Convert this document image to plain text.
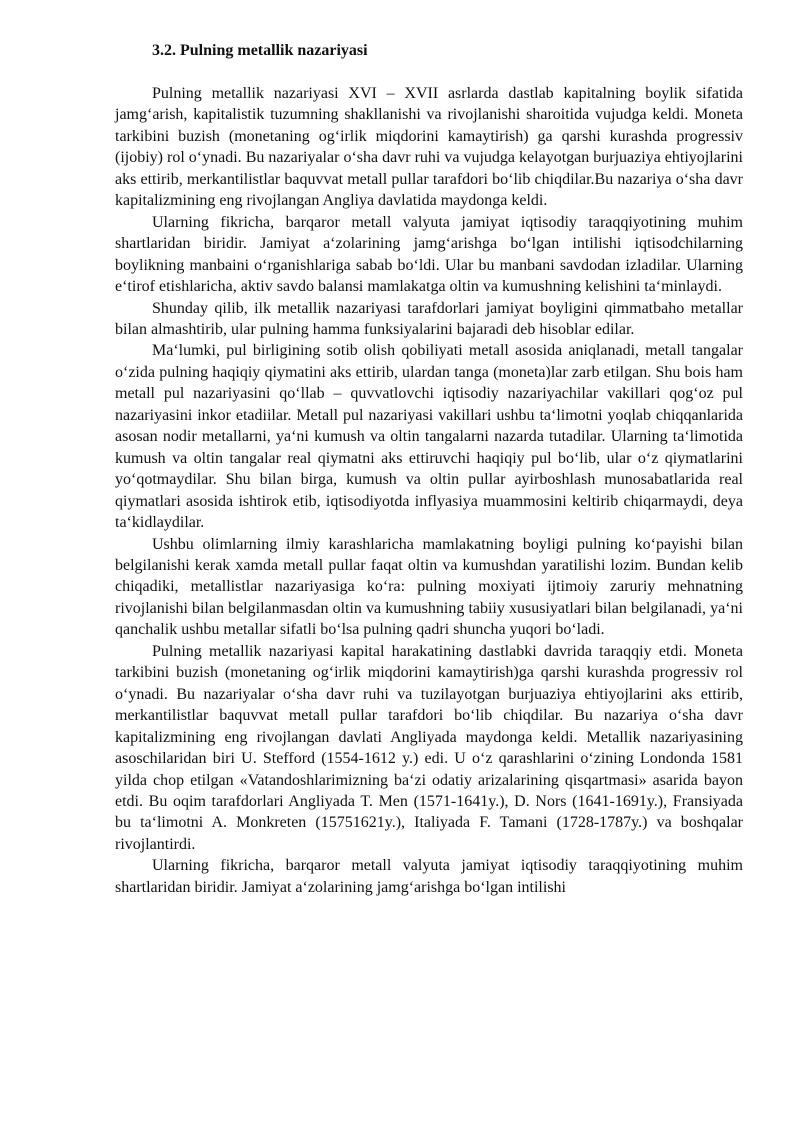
3.2. Pulning metallik nazariyasi

Pulning metallik nazariyasi XVI – XVII asrlarda dastlab kapitalning boylik sifatida jamg‘arish, kapitalistik tuzumning shakllanishi va rivojlanishi sharoitida vujudga keldi. Moneta tarkibini buzish (monetaning og‘irlik miqdorini kamaytirish) ga qarshi kurashda progressiv (ijobiy) rol o‘ynadi. Bu nazariyalar o‘sha davr ruhi va vujudga kelayotgan burjuaziya ehtiyojlarini aks ettirib, merkantilistlar baquvvat metall pullar tarafdori bo‘lib chiqdilar.Bu nazariya o‘sha davr kapitalizmining eng rivojlangan Angliya davlatida maydonga keldi.

Ularning fikricha, barqaror metall valyuta jamiyat iqtisodiy taraqqiyotining muhim shartlaridan biridir. Jamiyat a‘zolarining jamg‘arishga bo‘lgan intilishi iqtisodchilarning boylikning manbaini o‘rganishlariga sabab bo‘ldi. Ular bu manbani savdodan izladilar. Ularning e‘tirof etishlaricha, aktiv savdo balansi mamlakatga oltin va kumushning kelishini ta‘minlaydi.

Shunday qilib, ilk metallik nazariyasi tarafdorlari jamiyat boyligini qimmatbaho metallar bilan almashtirib, ular pulning hamma funksiyalarini bajaradi deb hisoblar edilar.

Ma‘lumki, pul birligining sotib olish qobiliyati metall asosida aniqlanadi, metall tangalar o‘zida pulning haqiqiy qiymatini aks ettirib, ulardan tanga (moneta)lar zarb etilgan. Shu bois ham metall pul nazariyasini qo‘llab – quvvatlovchi iqtisodiy nazariyachilar vakillari qog‘oz pul nazariyasini inkor etadiilar. Metall pul nazariyasi vakillari ushbu ta‘limotni yoqlab chiqqanlarida asosan nodir metallarni, ya‘ni kumush va oltin tangalarni nazarda tutadilar. Ularning ta‘limotida kumush va oltin tangalar real qiymatni aks ettiruvchi haqiqiy pul bo‘lib, ular o‘z qiymatlarini yo‘qotmaydilar. Shu bilan birga, kumush va oltin pullar ayirboshlash munosabatlarida real qiymatlari asosida ishtirok etib, iqtisodiyotda inflyasiya muammosini keltirib chiqarmaydi, deya ta‘kidlaydilar.

Ushbu olimlarning ilmiy karashlaricha mamlakatning boyligi pulning ko‘payishi bilan belgilanishi kerak xamda metall pullar faqat oltin va kumushdan yaratilishi lozim. Bundan kelib chiqadiki, metallistlar nazariyasiga ko‘ra: pulning moxiyati ijtimoiy zaruriy mehnatning rivojlanishi bilan belgilanmasdan oltin va kumushning tabiiy xususiyatlari bilan belgilanadi, ya‘ni qanchalik ushbu metallar sifatli bo‘lsa pulning qadri shuncha yuqori bo‘ladi.

Pulning metallik nazariyasi kapital harakatining dastlabki davrida taraqqiy etdi. Moneta tarkibini buzish (monetaning og‘irlik miqdorini kamaytirish)ga qarshi kurashda progressiv rol o‘ynadi. Bu nazariyalar o‘sha davr ruhi va tuzilayotgan burjuaziya ehtiyojlarini aks ettirib, merkantilistlar baquvvat metall pullar tarafdori bo‘lib chiqdilar. Bu nazariya o‘sha davr kapitalizmining eng rivojlangan davlati Angliyada maydonga keldi. Metallik nazariyasining asoschilaridan biri U. Stefford (1554-1612 y.) edi. U o‘z qarashlarini o‘zining Londonda 1581 yilda chop etilgan «Vatandoshlarimizning ba‘zi odatiy arizalarining qisqartmasi» asarida bayon etdi. Bu oqim tarafdorlari Angliyada T. Men (1571-1641y.), D. Nors (1641-1691y.), Fransiyada bu ta‘limotni A. Monkreten (15751621y.), Italiyada F. Tamani (1728-1787y.) va boshqalar rivojlantirdi.

Ularning fikricha, barqaror metall valyuta jamiyat iqtisodiy taraqqiyotining muhim shartlaridan biridir. Jamiyat a‘zolarining jamg‘arishga bo‘lgan intilishi
